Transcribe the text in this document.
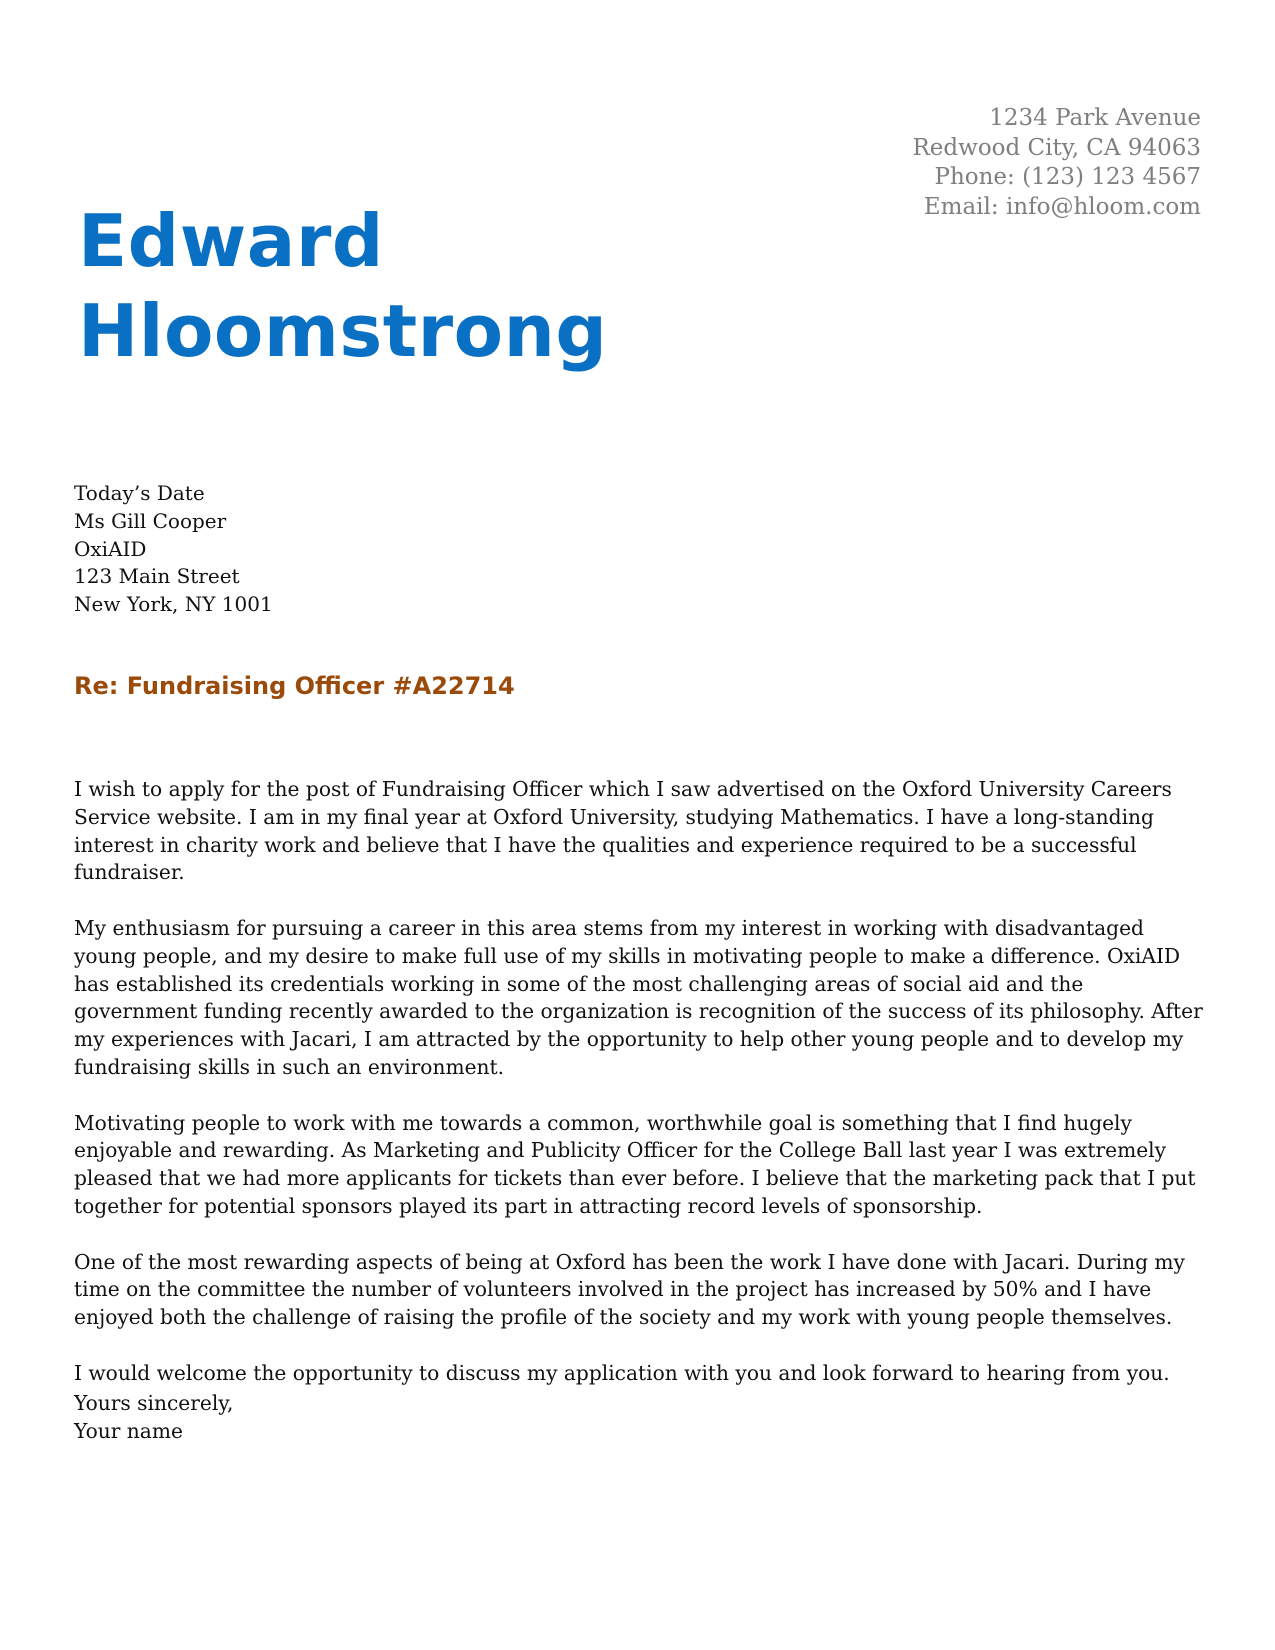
1234 Park Avenue
Redwood City, CA 94063
Phone: (123) 123 4567
Email: info@hloom.com
Edward
Hloomstrong
Today’s Date
Ms Gill Cooper
OxiAID
123 Main Street
New York, NY 1001
Re: Fundraising Officer #A22714

I wish to apply for the post of Fundraising Officer which I saw advertised on the Oxford University Careers Service website. I am in my final year at Oxford University, studying Mathematics. I have a long-standing interest in charity work and believe that I have the qualities and experience required to be a successful fundraiser.

My enthusiasm for pursuing a career in this area stems from my interest in working with disadvantaged young people, and my desire to make full use of my skills in motivating people to make a difference. OxiAID has established its credentials working in some of the most challenging areas of social aid and the government funding recently awarded to the organization is recognition of the success of its philosophy. After my experiences with Jacari, I am attracted by the opportunity to help other young people and to develop my fundraising skills in such an environment.

Motivating people to work with me towards a common, worthwhile goal is something that I find hugely enjoyable and rewarding. As Marketing and Publicity Officer for the College Ball last year I was extremely pleased that we had more applicants for tickets than ever before. I believe that the marketing pack that I put together for potential sponsors played its part in attracting record levels of sponsorship.

One of the most rewarding aspects of being at Oxford has been the work I have done with Jacari. During my time on the committee the number of volunteers involved in the project has increased by 50% and I have enjoyed both the challenge of raising the profile of the society and my work with young people themselves.

I would welcome the opportunity to discuss my application with you and look forward to hearing from you.

Yours sincerely,
Your name
